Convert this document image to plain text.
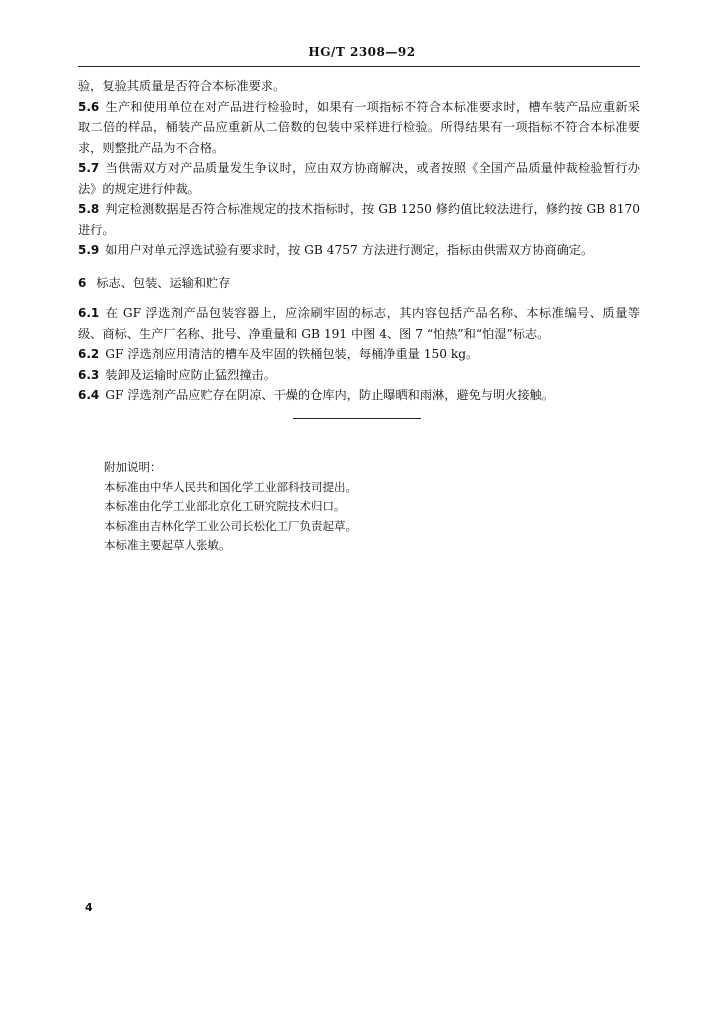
HG/T 2308—92

验，复验其质量是否符合本标准要求。

5.6 生产和使用单位在对产品进行检验时，如果有一项指标不符合本标准要求时，槽车装产品应重新采取二倍的样品，桶装产品应重新从二倍数的包装中采样进行检验。所得结果有一项指标不符合本标准要求，则整批产品为不合格。

5.7 当供需双方对产品质量发生争议时，应由双方协商解决，或者按照《全国产品质量仲裁检验暂行办法》的规定进行仲裁。

5.8 判定检测数据是否符合标准规定的技术指标时，按 GB 1250 修约值比较法进行，修约按 GB 8170 进行。

5.9 如用户对单元浮选试验有要求时，按 GB 4757 方法进行测定，指标由供需双方协商确定。

6 标志、包装、运输和贮存

6.1 在 GF 浮选剂产品包装容器上，应涂刷牢固的标志，其内容包括产品名称、本标准编号、质量等级、商标、生产厂名称、批号、净重量和 GB 191 中图 4、图 7 “怕热”和“怕湿”标志。

6.2 GF 浮选剂应用清洁的槽车及牢固的铁桶包装，每桶净重量 150 kg。

6.3 装卸及运输时应防止猛烈撞击。

6.4 GF 浮选剂产品应贮存在阴凉、干燥的仓库内，防止曝晒和雨淋，避免与明火接触。

附加说明：

本标准由中华人民共和国化学工业部科技司提出。

本标准由化学工业部北京化工研究院技术归口。

本标准由吉林化学工业公司长松化工厂负责起草。

本标准主要起草人张敏。

4
